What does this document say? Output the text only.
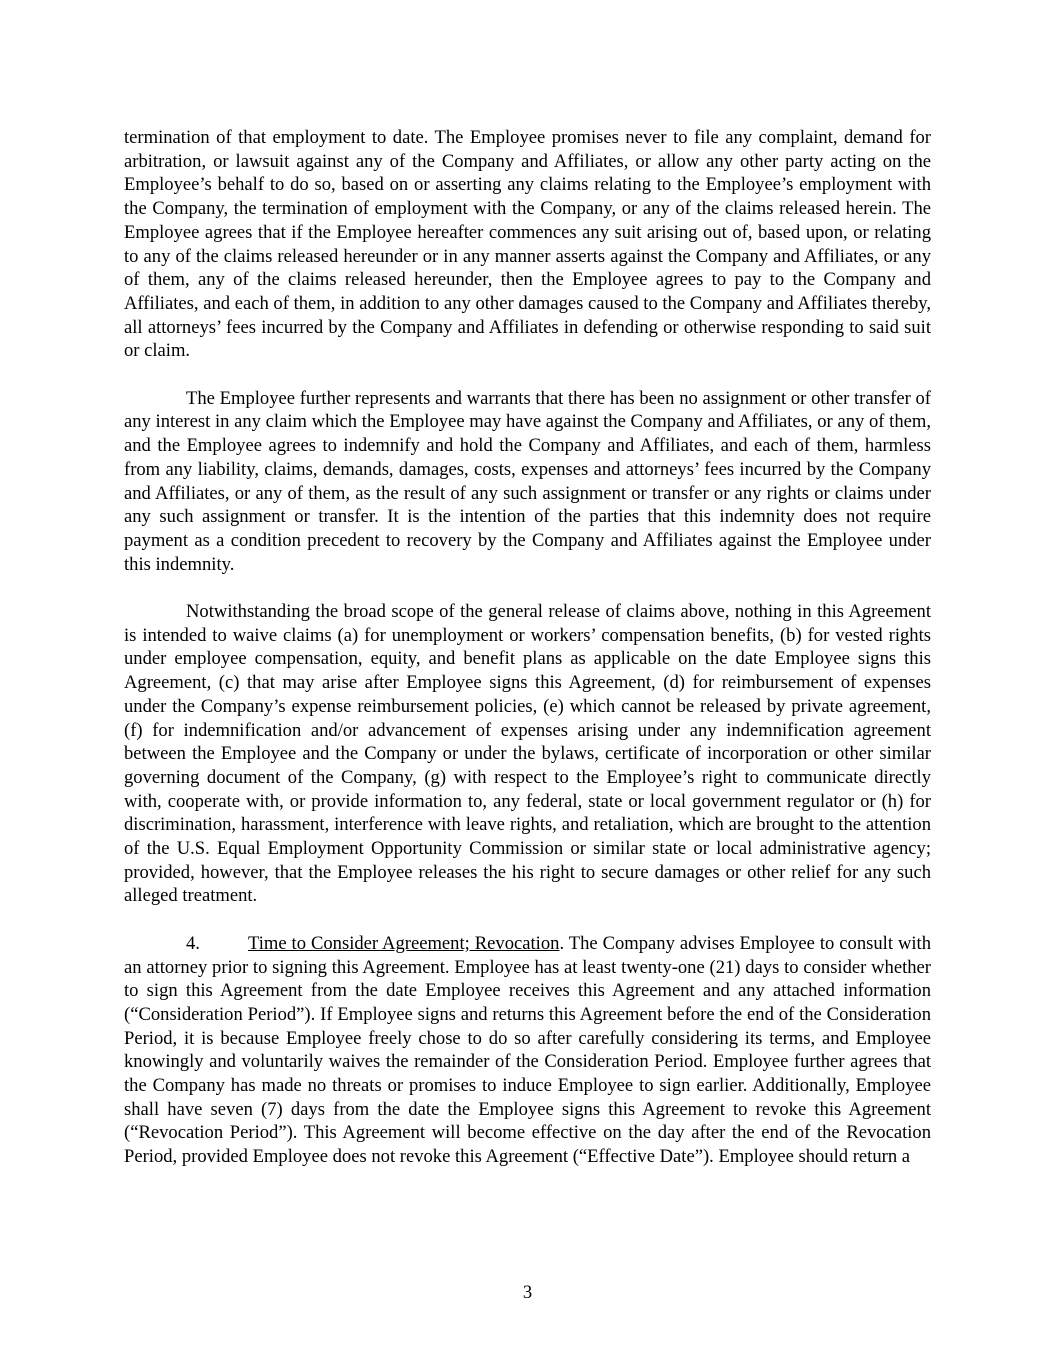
termination of that employment to date. The Employee promises never to file any complaint, demand for arbitration, or lawsuit against any of the Company and Affiliates, or allow any other party acting on the Employee’s behalf to do so, based on or asserting any claims relating to the Employee’s employment with the Company, the termination of employment with the Company, or any of the claims released herein. The Employee agrees that if the Employee hereafter commences any suit arising out of, based upon, or relating to any of the claims released hereunder or in any manner asserts against the Company and Affiliates, or any of them, any of the claims released hereunder, then the Employee agrees to pay to the Company and Affiliates, and each of them, in addition to any other damages caused to the Company and Affiliates thereby, all attorneys’ fees incurred by the Company and Affiliates in defending or otherwise responding to said suit or claim.

The Employee further represents and warrants that there has been no assignment or other transfer of any interest in any claim which the Employee may have against the Company and Affiliates, or any of them, and the Employee agrees to indemnify and hold the Company and Affiliates, and each of them, harmless from any liability, claims, demands, damages, costs, expenses and attorneys’ fees incurred by the Company and Affiliates, or any of them, as the result of any such assignment or transfer or any rights or claims under any such assignment or transfer. It is the intention of the parties that this indemnity does not require payment as a condition precedent to recovery by the Company and Affiliates against the Employee under this indemnity.

Notwithstanding the broad scope of the general release of claims above, nothing in this Agreement is intended to waive claims (a) for unemployment or workers’ compensation benefits, (b) for vested rights under employee compensation, equity, and benefit plans as applicable on the date Employee signs this Agreement, (c) that may arise after Employee signs this Agreement, (d) for reimbursement of expenses under the Company’s expense reimbursement policies, (e) which cannot be released by private agreement, (f) for indemnification and/or advancement of expenses arising under any indemnification agreement between the Employee and the Company or under the bylaws, certificate of incorporation or other similar governing document of the Company, (g) with respect to the Employee’s right to communicate directly with, cooperate with, or provide information to, any federal, state or local government regulator or (h) for discrimination, harassment, interference with leave rights, and retaliation, which are brought to the attention of the U.S. Equal Employment Opportunity Commission or similar state or local administrative agency; provided, however, that the Employee releases the his right to secure damages or other relief for any such alleged treatment.

4.	Time to Consider Agreement; Revocation. The Company advises Employee to consult with an attorney prior to signing this Agreement. Employee has at least twenty-one (21) days to consider whether to sign this Agreement from the date Employee receives this Agreement and any attached information (“Consideration Period”). If Employee signs and returns this Agreement before the end of the Consideration Period, it is because Employee freely chose to do so after carefully considering its terms, and Employee knowingly and voluntarily waives the remainder of the Consideration Period. Employee further agrees that the Company has made no threats or promises to induce Employee to sign earlier. Additionally, Employee shall have seven (7) days from the date the Employee signs this Agreement to revoke this Agreement (“Revocation Period”). This Agreement will become effective on the day after the end of the Revocation Period, provided Employee does not revoke this Agreement (“Effective Date”). Employee should return a

3
